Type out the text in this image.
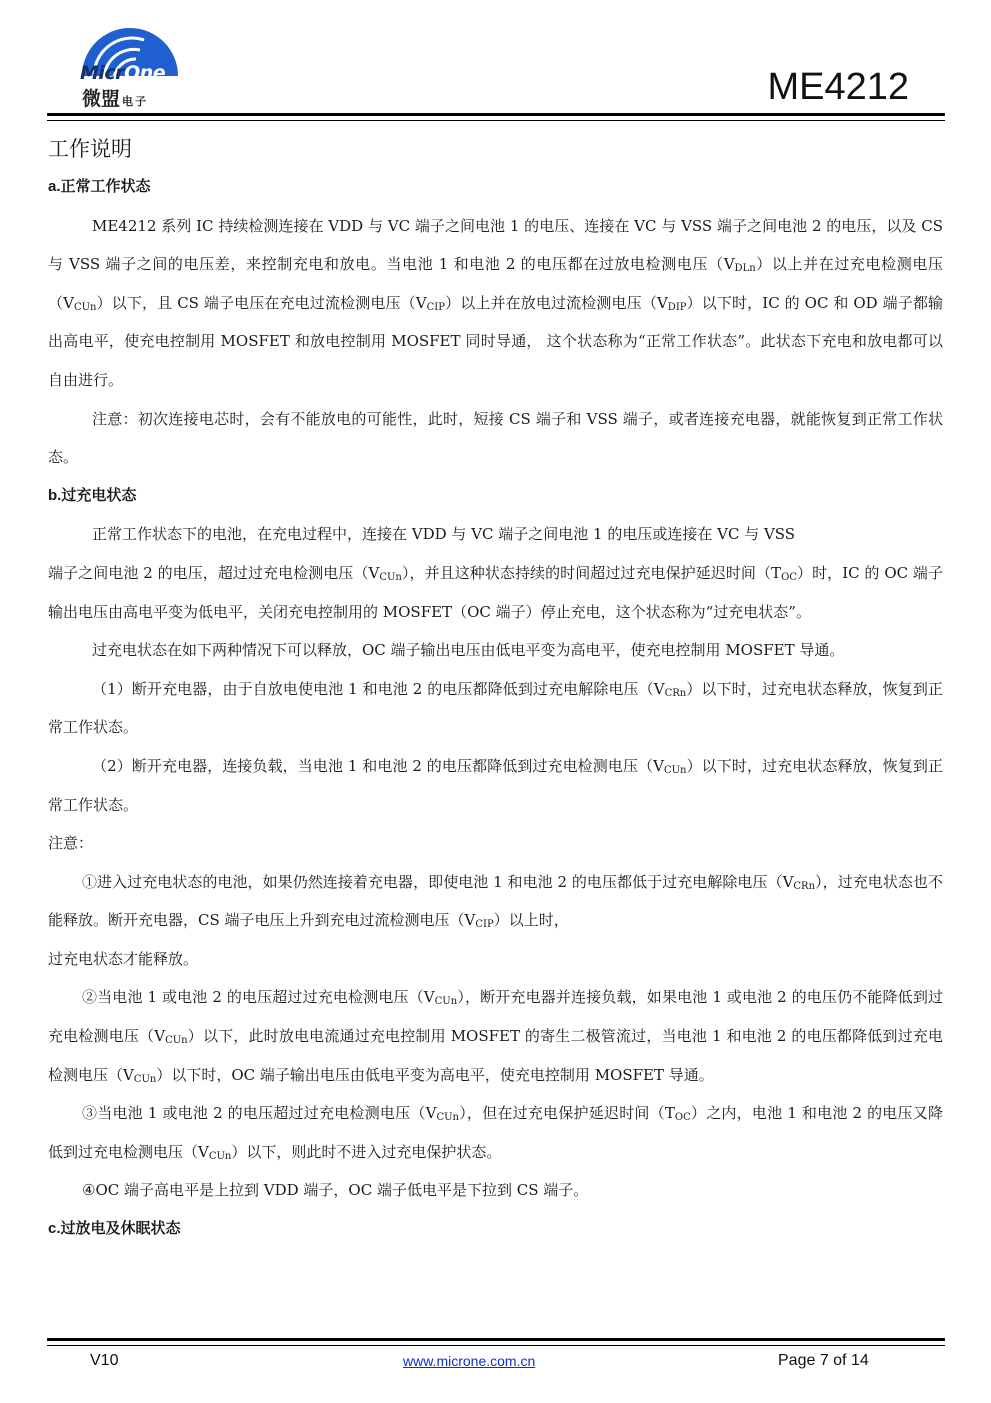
MicrOne
微盟 电子	ME4212
工作说明
a.正常工作状态

ME4212 系列 IC 持续检测连接在 VDD 与 VC 端子之间电池 1 的电压、连接在 VC 与 VSS 端子之间电池 2 的电压，以及 CS 与 VSS 端子之间的电压差，来控制充电和放电。当电池 1 和电池 2 的电压都在过放电检测电压$(V_{DLn})$以上并在过充电检测电压$(V_{CUn})$以下，且 CS 端子电压在充电过流检测电压$(V_{CIP})$以上并在放电过流检测电压$(V_{DIP})$以下时，IC 的 OC 和 OD 端子都输出高电平，使充电控制用 MOSFET 和放电控制用 MOSFET 同时导通， 这个状态称为“正常工作状态”。此状态下充电和放电都可以自由进行。

注意：初次连接电芯时，会有不能放电的可能性，此时，短接 CS 端子和 VSS 端子，或者连接充电器，就能恢复到正常工作状态。

b.过充电状态

正常工作状态下的电池，在充电过程中，连接在 VDD 与 VC 端子之间电池 1 的电压或连接在 VC 与 VSS

端子之间电池 2 的电压，超过过充电检测电压$(V_{CUn})$，并且这种状态持续的时间超过过充电保护延迟时间$(T_{OC})$时，IC 的 OC 端子输出电压由高电平变为低电平，关闭充电控制用的 MOSFET（OC 端子）停止充电，这个状态称为“过充电状态”。

过充电状态在如下两种情况下可以释放，OC 端子输出电压由低电平变为高电平，使充电控制用 MOSFET 导通。

（1）断开充电器，由于自放电使电池 1 和电池 2 的电压都降低到过充电解除电压$(V_{CRn})$以下时，过充电状态释放，恢复到正常工作状态。

（2）断开充电器，连接负载，当电池 1 和电池 2 的电压都降低到过充电检测电压$(V_{CUn})$以下时，过充电状态释放，恢复到正常工作状态。

注意：

①进入过充电状态的电池，如果仍然连接着充电器，即使电池 1 和电池 2 的电压都低于过充电解除电压$(V_{CRn})$，过充电状态也不能释放。断开充电器，CS 端子电压上升到充电过流检测电压$(V_{CIP})$以上时，

过充电状态才能释放。

②当电池 1 或电池 2 的电压超过过充电检测电压$(V_{CUn})$，断开充电器并连接负载，如果电池 1 或电池 2 的电压仍不能降低到过充电检测电压$(V_{CUn})$以下，此时放电电流通过充电控制用 MOSFET 的寄生二极管流过，当电池 1 和电池 2 的电压都降低到过充电检测电压$(V_{CUn})$以下时，OC 端子输出电压由低电平变为高电平，使充电控制用 MOSFET 导通。

③当电池 1 或电池 2 的电压超过过充电检测电压$(V_{CUn})$，但在过充电保护延迟时间$(T_{OC})$之内，电池 1 和电池 2 的电压又降低到过充电检测电压$(V_{CUn})$以下，则此时不进入过充电保护状态。

④OC 端子高电平是上拉到 VDD 端子，OC 端子低电平是下拉到 CS 端子。

c.过放电及休眠状态
V10	www.microne.com.cn	Page 7 of 14
